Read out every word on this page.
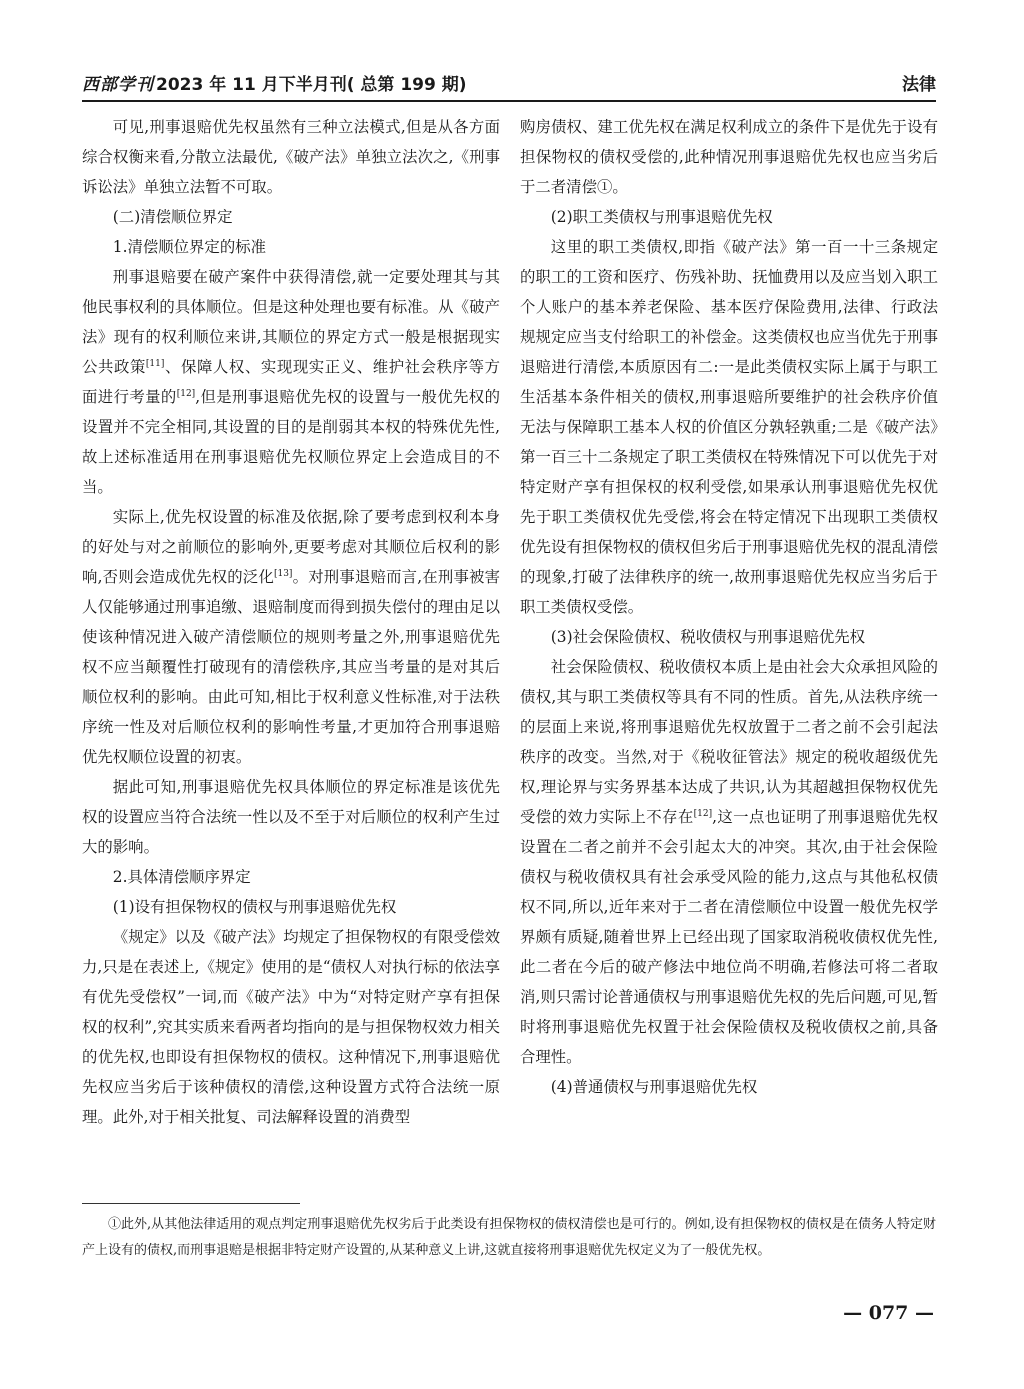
西部学刊 2023 年 11 月下半月刊( 总第 199 期)	法律

可见,刑事退赔优先权虽然有三种立法模式,但是从各方面综合权衡来看,分散立法最优,《破产法》单独立法次之,《刑事诉讼法》单独立法暂不可取。

(二)清偿顺位界定
1.清偿顺位界定的标准

刑事退赔要在破产案件中获得清偿,就一定要处理其与其他民事权利的具体顺位。但是这种处理也要有标准。从《破产法》现有的权利顺位来讲,其顺位的界定方式一般是根据现实公共政策[11]、保障人权、实现现实正义、维护社会秩序等方面进行考量的[12],但是刑事退赔优先权的设置与一般优先权的设置并不完全相同,其设置的目的是削弱其本权的特殊优先性,故上述标准适用在刑事退赔优先权顺位界定上会造成目的不当。

实际上,优先权设置的标准及依据,除了要考虑到权利本身的好处与对之前顺位的影响外,更要考虑对其顺位后权利的影响,否则会造成优先权的泛化[13]。对刑事退赔而言,在刑事被害人仅能够通过刑事追缴、退赔制度而得到损失偿付的理由足以使该种情况进入破产清偿顺位的规则考量之外,刑事退赔优先权不应当颠覆性打破现有的清偿秩序,其应当考量的是对其后顺位权利的影响。由此可知,相比于权利意义性标准,对于法秩序统一性及对后顺位权利的影响性考量,才更加符合刑事退赔优先权顺位设置的初衷。

据此可知,刑事退赔优先权具体顺位的界定标准是该优先权的设置应当符合法统一性以及不至于对后顺位的权利产生过大的影响。

2.具体清偿顺序界定
(1)设有担保物权的债权与刑事退赔优先权

《规定》以及《破产法》均规定了担保物权的有限受偿效力,只是在表述上,《规定》使用的是“债权人对执行标的依法享有优先受偿权”一词,而《破产法》中为“对特定财产享有担保权的权利”,究其实质来看两者均指向的是与担保物权效力相关的优先权,也即设有担保物权的债权。这种情况下,刑事退赔优先权应当劣后于该种债权的清偿,这种设置方式符合法统一原理。此外,对于相关批复、司法解释设置的消费型

购房债权、建工优先权在满足权利成立的条件下是优先于设有担保物权的债权受偿的,此种情况刑事退赔优先权也应当劣后于二者清偿①。

(2)职工类债权与刑事退赔优先权

这里的职工类债权,即指《破产法》第一百一十三条规定的职工的工资和医疗、伤残补助、抚恤费用以及应当划入职工个人账户的基本养老保险、基本医疗保险费用,法律、行政法规规定应当支付给职工的补偿金。这类债权也应当优先于刑事退赔进行清偿,本质原因有二:一是此类债权实际上属于与职工生活基本条件相关的债权,刑事退赔所要维护的社会秩序价值无法与保障职工基本人权的价值区分孰轻孰重;二是《破产法》第一百三十二条规定了职工类债权在特殊情况下可以优先于对特定财产享有担保权的权利受偿,如果承认刑事退赔优先权优先于职工类债权优先受偿,将会在特定情况下出现职工类债权优先设有担保物权的债权但劣后于刑事退赔优先权的混乱清偿的现象,打破了法律秩序的统一,故刑事退赔优先权应当劣后于职工类债权受偿。

(3)社会保险债权、税收债权与刑事退赔优先权

社会保险债权、税收债权本质上是由社会大众承担风险的债权,其与职工类债权等具有不同的性质。首先,从法秩序统一的层面上来说,将刑事退赔优先权放置于二者之前不会引起法秩序的改变。当然,对于《税收征管法》规定的税收超级优先权,理论界与实务界基本达成了共识,认为其超越担保物权优先受偿的效力实际上不存在[12],这一点也证明了刑事退赔优先权设置在二者之前并不会引起太大的冲突。其次,由于社会保险债权与税收债权具有社会承受风险的能力,这点与其他私权债权不同,所以,近年来对于二者在清偿顺位中设置一般优先权学界颇有质疑,随着世界上已经出现了国家取消税收债权优先性,此二者在今后的破产修法中地位尚不明确,若修法可将二者取消,则只需讨论普通债权与刑事退赔优先权的先后问题,可见,暂时将刑事退赔优先权置于社会保险债权及税收债权之前,具备合理性。

(4)普通债权与刑事退赔优先权

①此外,从其他法律适用的观点判定刑事退赔优先权劣后于此类设有担保物权的债权清偿也是可行的。例如,设有担保物权的债权是在债务人特定财产上设有的债权,而刑事退赔是根据非特定财产设置的,从某种意义上讲,这就直接将刑事退赔优先权定义为了一般优先权。

— 077 —
